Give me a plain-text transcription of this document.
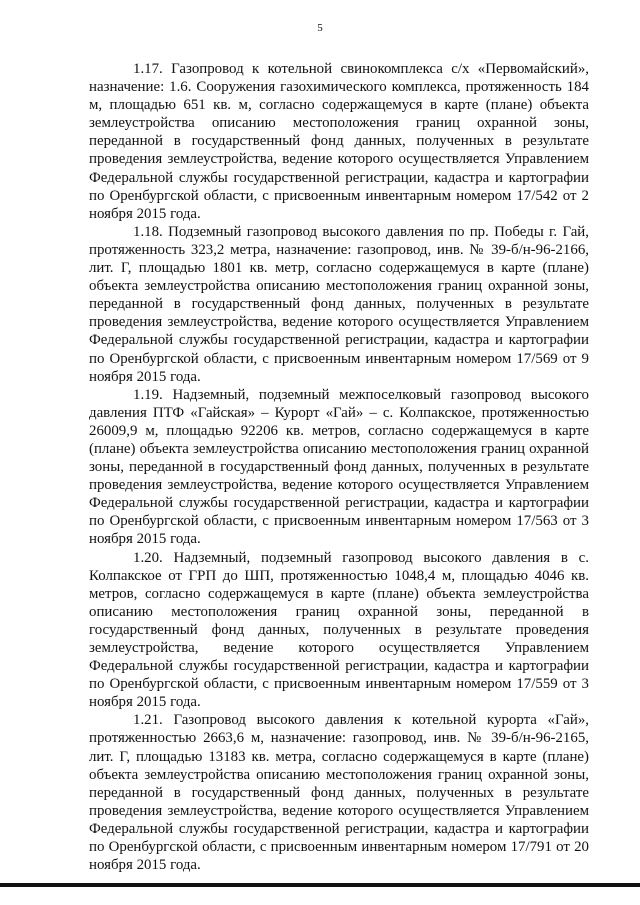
5

1.17. Газопровод к котельной свинокомплекса с/х «Первомайский», назначение: 1.6. Сооружения газохимического комплекса, протяженность 184 м, площадью 651 кв. м, согласно содержащемуся в карте (плане) объекта землеустройства описанию местоположения границ охранной зоны, переданной в государственный фонд данных, полученных в результате проведения землеустройства, ведение которого осуществляется Управлением Федеральной службы государственной регистрации, кадастра и картографии по Оренбургской области, с присвоенным инвентарным номером 17/542 от 2 ноября 2015 года.

1.18. Подземный газопровод высокого давления по пр. Победы г. Гай, протяженность 323,2 метра, назначение: газопровод, инв. № 39-б/н-96-2166, лит. Г, площадью 1801 кв. метр, согласно содержащемуся в карте (плане) объекта землеустройства описанию местоположения границ охранной зоны, переданной в государственный фонд данных, полученных в результате проведения землеустройства, ведение которого осуществляется Управлением Федеральной службы государственной регистрации, кадастра и картографии по Оренбургской области, с присвоенным инвентарным номером 17/569 от 9 ноября 2015 года.

1.19. Надземный, подземный межпоселковый газопровод высокого давления ПТФ «Гайская» – Курорт «Гай» – с. Колпакское, протяженностью 26009,9 м, площадью 92206 кв. метров, согласно содержащемуся в карте (плане) объекта землеустройства описанию местоположения границ охранной зоны, переданной в государственный фонд данных, полученных в результате проведения землеустройства, ведение которого осуществляется Управлением Федеральной службы государственной регистрации, кадастра и картографии по Оренбургской области, с присвоенным инвентарным номером 17/563 от 3 ноября 2015 года.

1.20. Надземный, подземный газопровод высокого давления в с. Колпакское от ГРП до ШП, протяженностью 1048,4 м, площадью 4046 кв. метров, согласно содержащемуся в карте (плане) объекта землеустройства описанию местоположения границ охранной зоны, переданной в государственный фонд данных, полученных в результате проведения землеустройства, ведение которого осуществляется Управлением Федеральной службы государственной регистрации, кадастра и картографии по Оренбургской области, с присвоенным инвентарным номером 17/559 от 3 ноября 2015 года.

1.21. Газопровод высокого давления к котельной курорта «Гай», протяженностью 2663,6 м, назначение: газопровод, инв. № 39-б/н-96-2165, лит. Г, площадью 13183 кв. метра, согласно содержащемуся в карте (плане) объекта землеустройства описанию местоположения границ охранной зоны, переданной в государственный фонд данных, полученных в результате проведения землеустройства, ведение которого осуществляется Управлением Федеральной службы государственной регистрации, кадастра и картографии по Оренбургской области, с присвоенным инвентарным номером 17/791 от 20 ноября 2015 года.
